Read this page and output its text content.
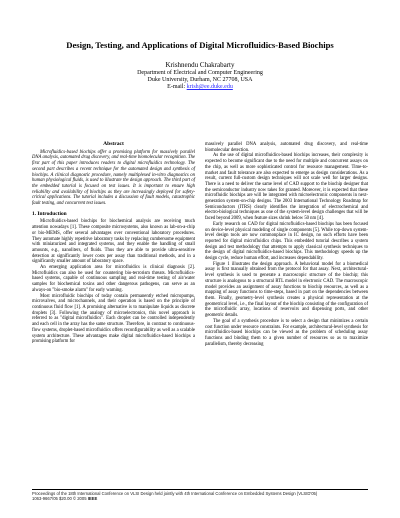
Design, Testing, and Applications of Digital Microfluidics-Based Biochips
Krishnendu Chakrabarty
Department of Electrical and Computer Engineering
Duke University, Durham, NC 27708, USA
E-mail: krish@ee.duke.edu
Abstract

Microfluidics-based biochips offer a promising platform for massively parallel DNA analysis, automated drug discovery, and real-time biomolecular recognition. The first part of this paper introduces readers to digital microfluidics technology. The second part describes a recent technique for the automated design and synthesis of biochips. A clinical diagnostic procedure, namely multiplexed in-vitro diagnostics on human physiological fluids, is used to illustrate the design approach. The third part of the embedded tutorial is focused on test issues. It is important to ensure high reliability and availability of biochips as they are increasingly deployed for safety-critical applications. The tutorial includes a discussion of fault models, catastrophic fault testing, and concurrent test issues.

1. Introduction

Microfluidics-based biochips for biochemical analysis are receiving much attention nowadays [1]. These composite microsystems, also known as lab-on-a-chip or bio-MEMS, offer several advantages over conventional laboratory procedures. They automate highly repetitive laboratory tasks by replacing cumbersome equipment with miniaturized and integrated systems, and they enable the handling of small amounts, e.g., nanoliters, of fluids. Thus they are able to provide ultra-sensitive detection at significantly lower costs per assay than traditional methods, and in a significantly smaller amount of laboratory space.

An emerging application area for microfluidics is clinical diagnosis [2]. Microfluidics can also be used for countering bio-terrorism threats. Microfluidics-based systems, capable of continuous sampling and real-time testing of air/water samples for biochemical toxins and other dangerous pathogens, can serve as an always-on "bio-smoke alarm" for early warning.

Most microfluidic biochips of today contain permanently etched micropumps, microvalves, and microchannels, and their operation is based on the principle of continuous fluid flow [1]. A promising alternative is to manipulate liquids as discrete droplets [3]. Following the analogy of microelectronics, this novel approach is referred to as "digital microfluidics". Each droplet can be controlled independently and each cell in the array has the same structure. Therefore, in contrast to continuous-flow systems, droplet-based microfluidics offers reconfigurability as well as a scalable system architecture. These advantages make digital microfluidics-based biochips a promising platform for

massively parallel DNA analysis, automated drug discovery, and real-time biomolecular detection.

As the use of digital microfluidics-based biochips increases, their complexity is expected to become significant due to the need for multiple and concurrent assays on the chip, as well as more sophisticated control for resource management. Time-to-market and fault tolerance are also expected to emerge as design considerations. As a result, current full-custom design techniques will not scale well for larger designs. There is a need to deliver the same level of CAD support to the biochip designer that the semiconductor industry now takes for granted. Moreover, it is expected that these microfluidic biochips are will be integrated with microelectronic components in next-generation system-on-chip designs. The 2003 International Technology Roadmap for Semiconductors (ITRS) clearly identifies the integration of electrochemical and electro-biological techniques as one of the system-level design challenges that will be faced beyond 2009, when feature sizes shrink below 50 nm [4].

Early research on CAD for digital microfluidics-based biochips has been focused on device-level physical modeling of single components [5]. While top-down system-level design tools are now commonplace in IC design, no such efforts have been reported for digital microfluidics chips. This embedded tutorial describes a system design and test methodology that attempts to apply classical synthesis techniques to the design of digital microfluidics-based biochips. This methodology speeds up the design cycle, reduce human effort, and increases dependability.

Figure 1 illustrates the design approach. A behavioral model for a biomedical assay is first manually obtained from the protocol for that assay. Next, architectural-level synthesis is used to generate a macroscopic structure of the biochip; this structure is analogous to a structural RTL model in electronic CAD. The macroscopic model provides an assignment of assay functions to biochip resources, as well as a mapping of assay functions to time-steps, based in part on the dependencies between them. Finally, geometry-level synthesis creates a physical representation at the geometrical level, i.e., the final layout of the biochip consisting of the configuration of the microfluidic array, locations of reservoirs and dispensing ports, and other geometric details.

The goal of a synthesis procedure is to select a design that minimizes a certain cost function under resource constraints. For example, architectural-level synthesis for microfluidics-based biochips can be viewed as the problem of scheduling assay functions and binding them to a given number of resources so as to maximize parallelism, thereby decreasing

Proceedings of the 18th International Conference on VLSI Design held jointly with 4th International Conference on Embedded Systems Design (VLSID'05)
1063-9667/05 $20.00 © 2005 IEEE
